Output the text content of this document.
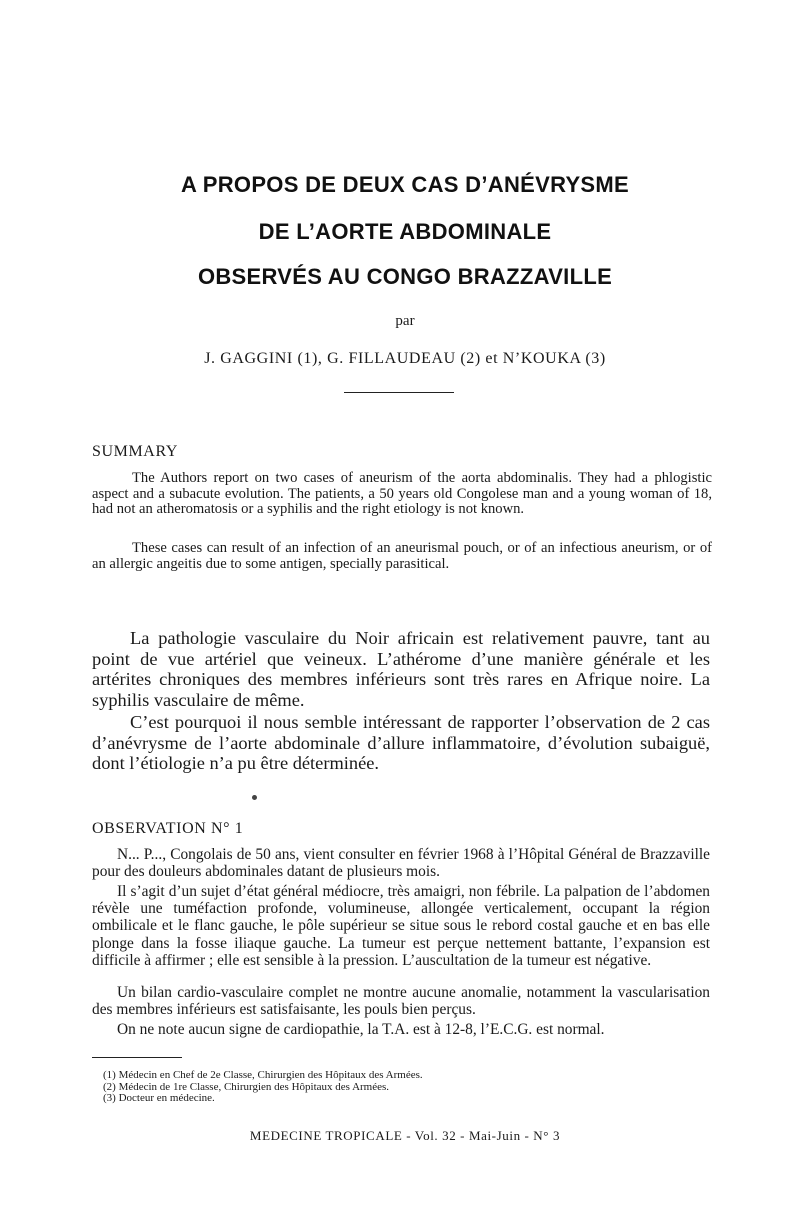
A PROPOS DE DEUX CAS D’ANÉVRYSME
DE L’AORTE ABDOMINALE
OBSERVÉS AU CONGO BRAZZAVILLE
par
J. GAGGINI (1), G. FILLAUDEAU (2) et N’KOUKA (3)
SUMMARY

The Authors report on two cases of aneurism of the aorta abdominalis. They had a phlogistic aspect and a subacute evolution. The patients, a 50 years old Congolese man and a young woman of 18, had not an atheromatosis or a syphilis and the right etiology is not known.

These cases can result of an infection of an aneurismal pouch, or of an infectious aneurism, or of an allergic angeitis due to some antigen, specially parasitical.

La pathologie vasculaire du Noir africain est relativement pauvre, tant au point de vue artériel que veineux. L’athérome d’une manière générale et les artérites chroniques des membres inférieurs sont très rares en Afrique noire. La syphilis vasculaire de même.

C’est pourquoi il nous semble intéressant de rapporter l’observation de 2 cas d’anévrysme de l’aorte abdominale d’allure inflammatoire, d’évolution subaiguë, dont l’étiologie n’a pu être déterminée.

OBSERVATION N° 1

N... P..., Congolais de 50 ans, vient consulter en février 1968 à l’Hôpital Général de Brazzaville pour des douleurs abdominales datant de plusieurs mois.

Il s’agit d’un sujet d’état général médiocre, très amaigri, non fébrile. La palpation de l’abdomen révèle une tuméfaction profonde, volumineuse, allongée verticalement, occupant la région ombilicale et le flanc gauche, le pôle supérieur se situe sous le rebord costal gauche et en bas elle plonge dans la fosse iliaque gauche. La tumeur est perçue nettement battante, l’expansion est difficile à affirmer ; elle est sensible à la pression. L’auscultation de la tumeur est négative.

Un bilan cardio-vasculaire complet ne montre aucune anomalie, notamment la vascularisation des membres inférieurs est satisfaisante, les pouls bien perçus.

On ne note aucun signe de cardiopathie, la T.A. est à 12-8, l’E.C.G. est normal.

(1) Médecin en Chef de 2e Classe, Chirurgien des Hôpitaux des Armées.
(2) Médecin de 1re Classe, Chirurgien des Hôpitaux des Armées.
(3) Docteur en médecine.
MEDECINE TROPICALE - Vol. 32 - Mai-Juin - N° 3
